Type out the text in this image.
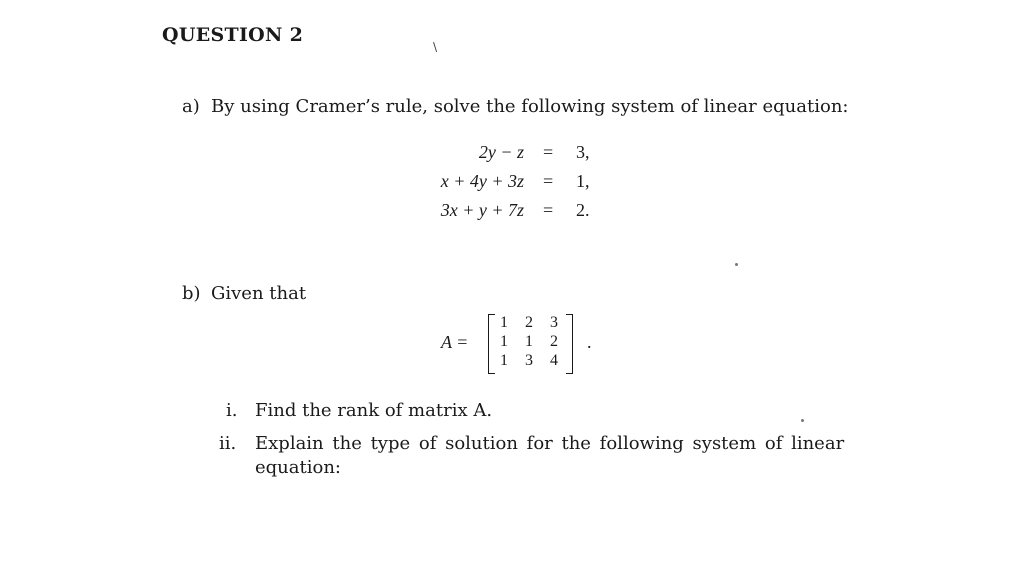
QUESTION 2
/
a) By using Cramer’s rule, solve the following system of linear equation:
2y − z = 3,
x + 4y + 3z = 1,
3x + y + 7z = 2.
b) Given that
A =
1 2 3
1 1 2
1 3 4
.
i. Find the rank of matrix A.
ii. Explain the type of solution for the following system of linear
equation:
